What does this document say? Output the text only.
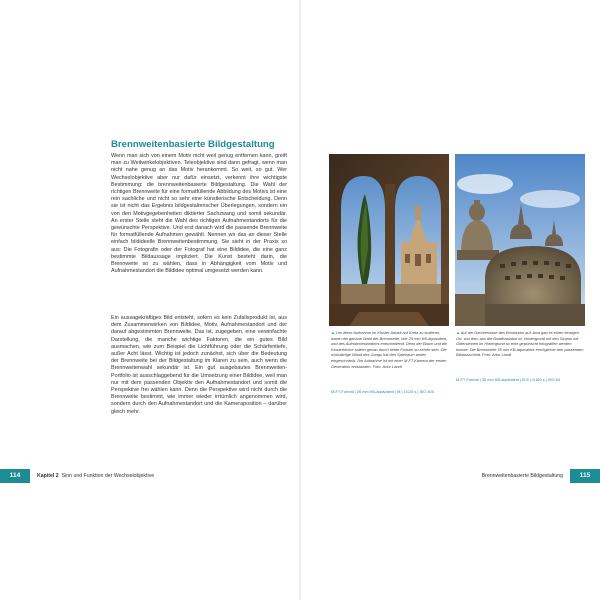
Brennweitenbasierte Bildgestaltung

Wenn man sich von einem Motiv nicht weit genug entfernen kann, greift man zu Weitwinkelobjektiven. Teleobjektive sind dann gefragt, wenn man nicht nahe genug an das Motiv herankommt. So weit, so gut. Wer Wechselobjektive aber nur dafür einsetzt, verkennt ihre wichtigste Bestimmung: die brennweitenbasierte Bildgestaltung. Die Wahl der richtigen Brennweite für eine formatfüllende Abbildung des Motivs ist eine rein sachliche und nicht so sehr eine künstlerische Entscheidung. Denn sie ist nicht das Ergebnis bildgestalterischer Überlegungen, sondern ein von den Motivgegebenheiten diktierter Sachzwang und somit sekundär. An erster Stelle steht die Wahl des richtigen Aufnahmestandorts für die gewünschte Perspektive. Und erst danach wird die passende Brennweite für formatfüllende Aufnahmen gewählt. Nennen wir das an dieser Stelle einfach bildideelle Brennweitenbestimmung. Sie sieht in der Praxis so aus: Die Fotografin oder der Fotograf hat eine Bildidee, die eine ganz bestimmte Bildaussage impliziert. Die Kunst besteht darin, die Brennweite so zu wählen, dass in Abhängigkeit vom Motiv und Aufnahmestandort die Bildidee optimal umgesetzt werden kann.

Ein aussagekräftiges Bild entsteht, sofern es kein Zufallsprodukt ist, aus dem Zusammenwirken von Bildidee, Motiv, Aufnahmestandort und der darauf abgestimmten Brennweite. Das ist, zugegeben, eine vereinfachte Darstellung, die manche wichtige Faktoren, die ein gutes Bild ausmachen, wie zum Beispiel die Lichtführung oder die Schärfentiefe, außer Acht lässt. Wichtig ist jedoch zunächst, sich über die Bedeutung der Brennweite bei der Bildgestaltung im Klaren zu sein, auch wenn die Brennweitenwahl sekundär ist. Ein gut ausgebautes Brennweiten-Portfolio ist ausschlaggebend für die Umsetzung einer Bildidee, weil man nur mit dem passenden Objektiv den Aufnahmestandort und somit die Perspektive frei wählen kann. Denn die Perspektive wird nicht durch die Brennweite bestimmt, wie immer wieder irrtümlich angenommen wird, sondern durch den Aufnahmestandort und die Kameraposition – darüber gleich mehr.

▲ Um diese Aufnahme im Kloster Arkadi auf Kreta zu isolieren, waren die genaue Wahl der Brennweite, hier 26 mm KB-äquivalent, und des Aufnahmestandorts entscheidend. Denn der Baum und die Klosterkirche sollten genau durch beide Fenster zu sehen sein. Die rückwärtige Wand des Gangs hat den Spielraum weiter eingeschränkt. Die Aufnahme ist mit einer M-FT-Kamera der ersten Generation entstanden. Foto: Artur Landt

M-FT-Format | 26 mm KB-äquivalent | f8 | 1/125 s | ISO 400

▲ Auf der Dachterrasse des Borobudur auf Java gab es einen einzigen Ort, von dem aus die Buddhastatue im Vordergrund mit den Stupas mit Gittersteinen im Hintergrund so eine gewünscht fotografiert werden konnte. Die Brennweite 35 mm KB-äquivalent ermöglichte den passenden Bildausschnitt. Foto: Artur Landt

M-FT-Format | 35 mm KB-äquivalent | f5.6 | 1/160 s | ISO 64
114	Kapitel 2 Sinn und Funktion der Wechselobjektive	Brennweitenbasierte Bildgestaltung	115
